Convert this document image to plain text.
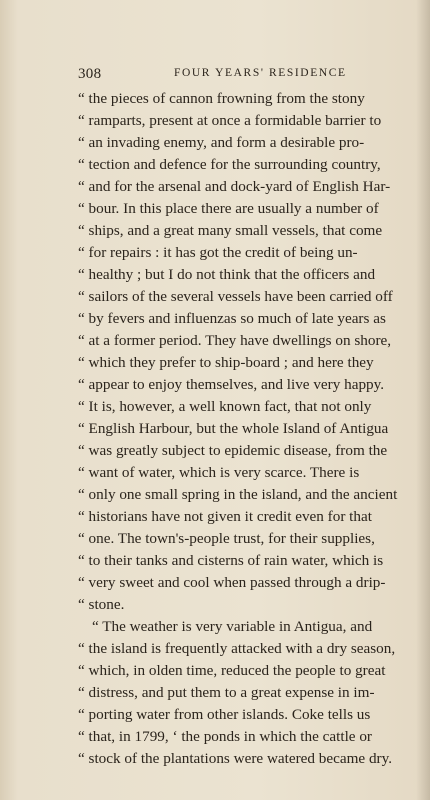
308	FOUR YEARS' RESIDENCE
“ the pieces of cannon frowning from the stony
“ ramparts, present at once a formidable barrier to
“ an invading enemy, and form a desirable pro-
“ tection and defence for the surrounding country,
“ and for the arsenal and dock-yard of English Har-
“ bour. In this place there are usually a number of
“ ships, and a great many small vessels, that come
“ for repairs : it has got the credit of being un-
“ healthy ; but I do not think that the officers and
“ sailors of the several vessels have been carried off
“ by fevers and influenzas so much of late years as
“ at a former period. They have dwellings on shore,
“ which they prefer to ship-board ; and here they
“ appear to enjoy themselves, and live very happy.
“ It is, however, a well known fact, that not only
“ English Harbour, but the whole Island of Antigua
“ was greatly subject to epidemic disease, from the
“ want of water, which is very scarce. There is
“ only one small spring in the island, and the ancient
“ historians have not given it credit even for that
“ one. The town's-people trust, for their supplies,
“ to their tanks and cisterns of rain water, which is
“ very sweet and cool when passed through a drip-
“ stone.
“ The weather is very variable in Antigua, and
“ the island is frequently attacked with a dry season,
“ which, in olden time, reduced the people to great
“ distress, and put them to a great expense in im-
“ porting water from other islands. Coke tells us
“ that, in 1799, ‘ the ponds in which the cattle or
“ stock of the plantations were watered became dry.
